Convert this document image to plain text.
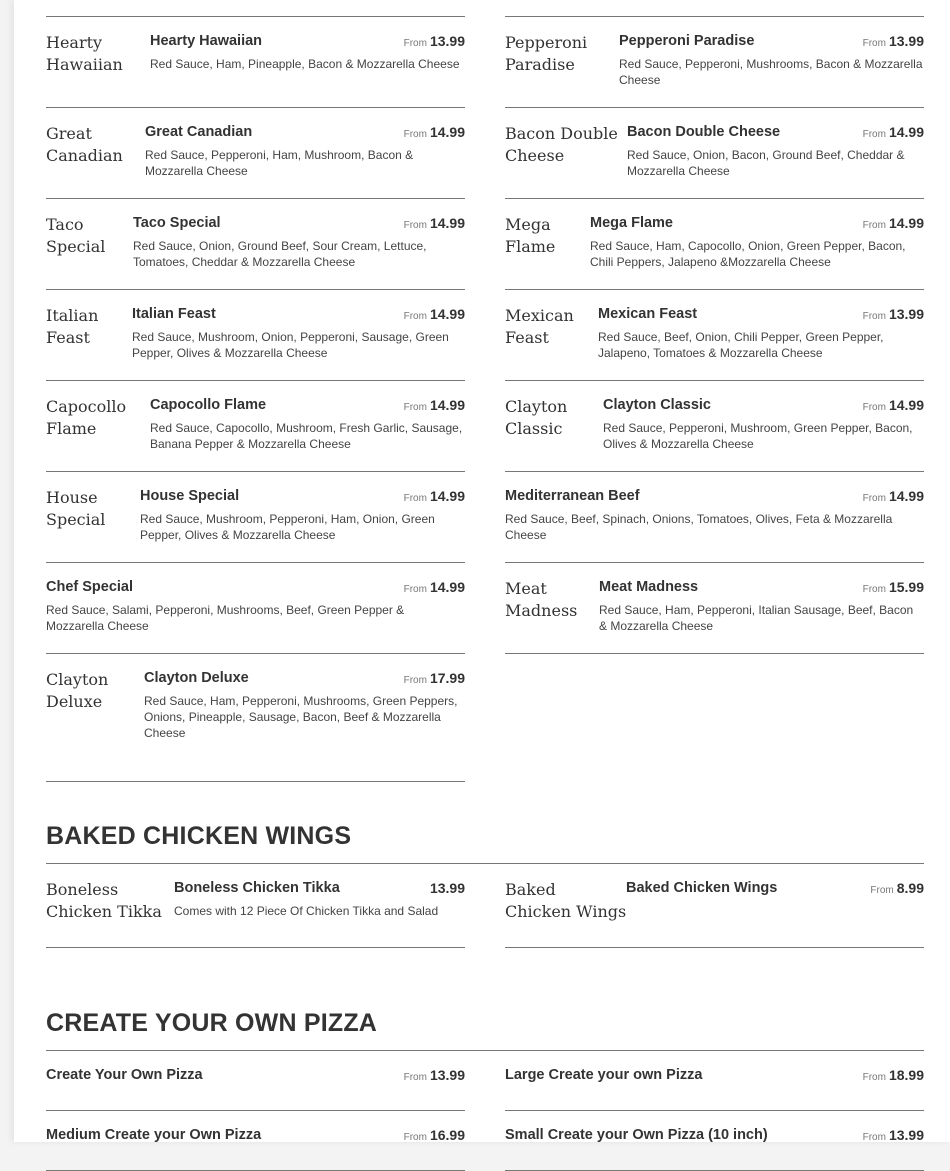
Hearty
Hawaiian
Hearty Hawaiian	From 13.99
Red Sauce, Ham, Pineapple, Bacon & Mozzarella Cheese
Great
Canadian
Great Canadian	From 14.99
Red Sauce, Pepperoni, Ham, Mushroom, Bacon & Mozzarella Cheese
Taco
Special
Taco Special	From 14.99
Red Sauce, Onion, Ground Beef, Sour Cream, Lettuce, Tomatoes, Cheddar & Mozzarella Cheese
Italian
Feast
Italian Feast	From 14.99
Red Sauce, Mushroom, Onion, Pepperoni, Sausage, Green Pepper, Olives & Mozzarella Cheese
Capocollo
Flame
Capocollo Flame	From 14.99
Red Sauce, Capocollo, Mushroom, Fresh Garlic, Sausage, Banana Pepper & Mozzarella Cheese
House
Special
House Special	From 14.99
Red Sauce, Mushroom, Pepperoni, Ham, Onion, Green Pepper, Olives & Mozzarella Cheese
Chef Special	From 14.99
Red Sauce, Salami, Pepperoni, Mushrooms, Beef, Green Pepper & Mozzarella Cheese
Clayton
Deluxe
Clayton Deluxe	From 17.99
Red Sauce, Ham, Pepperoni, Mushrooms, Green Peppers, Onions, Pineapple, Sausage, Bacon, Beef & Mozzarella Cheese
Pepperoni
Paradise
Pepperoni Paradise	From 13.99
Red Sauce, Pepperoni, Mushrooms, Bacon & Mozzarella Cheese
Bacon Double
Cheese
Bacon Double Cheese	From 14.99
Red Sauce, Onion, Bacon, Ground Beef, Cheddar & Mozzarella Cheese
Mega
Flame
Mega Flame	From 14.99
Red Sauce, Ham, Capocollo, Onion, Green Pepper, Bacon, Chili Peppers, Jalapeno &Mozzarella Cheese
Mexican
Feast
Mexican Feast	From 13.99
Red Sauce, Beef, Onion, Chili Pepper, Green Pepper, Jalapeno, Tomatoes & Mozzarella Cheese
Clayton
Classic
Clayton Classic	From 14.99
Red Sauce, Pepperoni, Mushroom, Green Pepper, Bacon, Olives & Mozzarella Cheese
Mediterranean Beef	From 14.99
Red Sauce, Beef, Spinach, Onions, Tomatoes, Olives, Feta & Mozzarella Cheese
Meat
Madness
Meat Madness	From 15.99
Red Sauce, Ham, Pepperoni, Italian Sausage, Beef, Bacon & Mozzarella Cheese
BAKED CHICKEN WINGS
Boneless
Chicken Tikka
Boneless Chicken Tikka	13.99
Comes with 12 Piece Of Chicken Tikka and Salad
Baked
Chicken Wings
Baked Chicken Wings	From 8.99
CREATE YOUR OWN PIZZA
Create Your Own Pizza	From 13.99	Large Create your own Pizza	From 18.99
Medium Create your Own Pizza	From 16.99	Small Create your Own Pizza (10 inch)	From 13.99
